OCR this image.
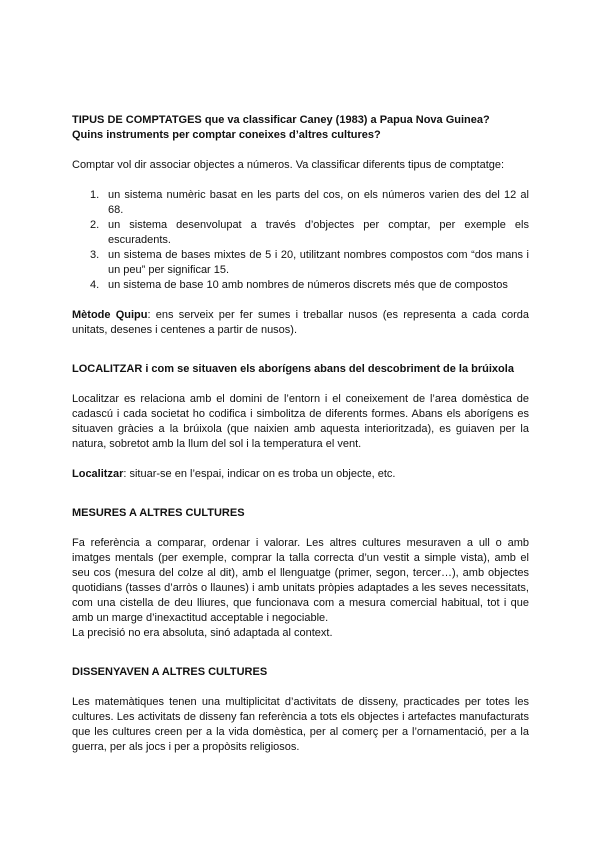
TIPUS DE COMPTATGES que va classificar Caney (1983) a Papua Nova Guinea?

Quins instruments per comptar coneixes d’altres cultures?

Comptar vol dir associar objectes a números. Va classificar diferents tipus de comptatge:

1. un sistema numèric basat en les parts del cos, on els números varien des del 12 al 68.
2. un sistema desenvolupat a través d’objectes per comptar, per exemple els escuradents.
3. un sistema de bases mixtes de 5 i 20, utilitzant nombres compostos com “dos mans i un peu” per significar 15.
4. un sistema de base 10 amb nombres de números discrets més que de compostos

Mètode Quipu: ens serveix per fer sumes i treballar nusos (es representa a cada corda unitats, desenes i centenes a partir de nusos).

LOCALITZAR i com se situaven els aborígens abans del descobriment de la brúixola

Localitzar es relaciona amb el domini de l’entorn i el coneixement de l’area domèstica de cadascú i cada societat ho codifica i simbolitza de diferents formes. Abans els aborígens es situaven gràcies a la brúixola (que naixien amb aquesta interioritzada), es guiaven per la natura, sobretot amb la llum del sol i la temperatura el vent.

Localitzar: situar-se en l’espai, indicar on es troba un objecte, etc.

MESURES A ALTRES CULTURES

Fa referència a comparar, ordenar i valorar. Les altres cultures mesuraven a ull o amb imatges mentals (per exemple, comprar la talla correcta d’un vestit a simple vista), amb el seu cos (mesura del colze al dit), amb el llenguatge (primer, segon, tercer…), amb objectes quotidians (tasses d’arròs o llaunes) i amb unitats pròpies adaptades a les seves necessitats, com una cistella de deu lliures, que funcionava com a mesura comercial habitual, tot i que amb un marge d’inexactitud acceptable i negociable.

La precisió no era absoluta, sinó adaptada al context.

DISSENYAVEN A ALTRES CULTURES

Les matemàtiques tenen una multiplicitat d’activitats de disseny, practicades per totes les cultures. Les activitats de disseny fan referència a tots els objectes i artefactes manufacturats que les cultures creen per a la vida domèstica, per al comerç per a l’ornamentació, per a la guerra, per als jocs i per a propòsits religiosos.
